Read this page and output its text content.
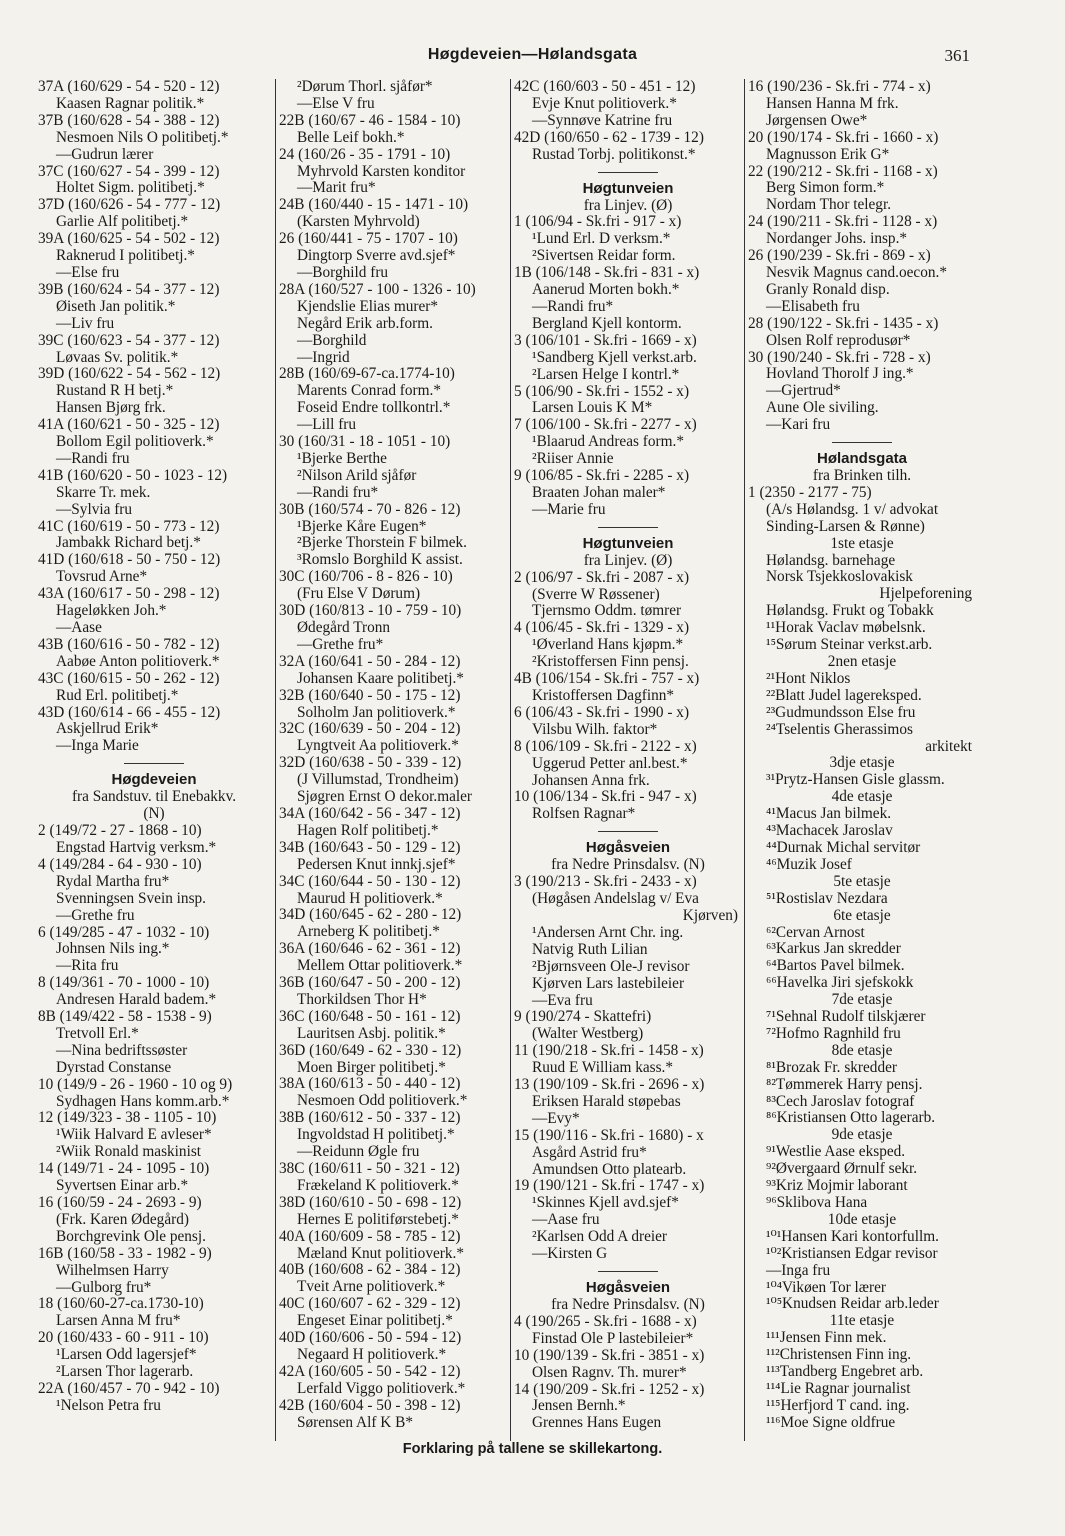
Høgdeveien—Hølandsgata	361
37A (160/629 - 54 - 520 - 12)
Kaasen Ragnar politik.*
37B (160/628 - 54 - 388 - 12)
Nesmoen Nils O politibetj.*
—Gudrun lærer
37C (160/627 - 54 - 399 - 12)
Holtet Sigm. politibetj.*
37D (160/626 - 54 - 777 - 12)
Garlie Alf politibetj.*
39A (160/625 - 54 - 502 - 12)
Raknerud I politibetj.*
—Else fru
39B (160/624 - 54 - 377 - 12)
Øiseth Jan politik.*
—Liv fru
39C (160/623 - 54 - 377 - 12)
Løvaas Sv. politik.*
39D (160/622 - 54 - 562 - 12)
Rustand R H betj.*
Hansen Bjørg frk.
41A (160/621 - 50 - 325 - 12)
Bollom Egil politioverk.*
—Randi fru
41B (160/620 - 50 - 1023 - 12)
Skarre Tr. mek.
—Sylvia fru
41C (160/619 - 50 - 773 - 12)
Jambakk Richard betj.*
41D (160/618 - 50 - 750 - 12)
Tovsrud Arne*
43A (160/617 - 50 - 298 - 12)
Hageløkken Joh.*
—Aase
43B (160/616 - 50 - 782 - 12)
Aabøe Anton politioverk.*
43C (160/615 - 50 - 262 - 12)
Rud Erl. politibetj.*
43D (160/614 - 66 - 455 - 12)
Askjellrud Erik*
—Inga Marie
Høgdeveien
fra Sandstuv. til Enebakkv.
(N)
2 (149/72 - 27 - 1868 - 10)
Engstad Hartvig verksm.*
4 (149/284 - 64 - 930 - 10)
Rydal Martha fru*
Svenningsen Svein insp.
—Grethe fru
6 (149/285 - 47 - 1032 - 10)
Johnsen Nils ing.*
—Rita fru
8 (149/361 - 70 - 1000 - 10)
Andresen Harald badem.*
8B (149/422 - 58 - 1538 - 9)
Tretvoll Erl.*
—Nina bedriftssøster
Dyrstad Constanse
10 (149/9 - 26 - 1960 - 10 og 9)
Sydhagen Hans komm.arb.*
12 (149/323 - 38 - 1105 - 10)
¹Wiik Halvard E avleser*
²Wiik Ronald maskinist
14 (149/71 - 24 - 1095 - 10)
Syvertsen Einar arb.*
16 (160/59 - 24 - 2693 - 9)
(Frk. Karen Ødegård)
Borchgrevink Ole pensj.
16B (160/58 - 33 - 1982 - 9)
Wilhelmsen Harry
—Gulborg fru*
18 (160/60-27-ca.1730-10)
Larsen Anna M fru*
20 (160/433 - 60 - 911 - 10)
¹Larsen Odd lagersjef*
²Larsen Thor lagerarb.
22A (160/457 - 70 - 942 - 10)
¹Nelson Petra fru
²Dørum Thorl. sjåfør*
—Else V fru
22B (160/67 - 46 - 1584 - 10)
Belle Leif bokh.*
24 (160/26 - 35 - 1791 - 10)
Myhrvold Karsten konditor
—Marit fru*
24B (160/440 - 15 - 1471 - 10)
(Karsten Myhrvold)
26 (160/441 - 75 - 1707 - 10)
Dingtorp Sverre avd.sjef*
—Borghild fru
28A (160/527 - 100 - 1326 - 10)
Kjendslie Elias murer*
Negård Erik arb.form.
—Borghild
—Ingrid
28B (160/69-67-ca.1774-10)
Marents Conrad form.*
Foseid Endre tollkontrl.*
—Lill fru
30 (160/31 - 18 - 1051 - 10)
¹Bjerke Berthe
²Nilson Arild sjåfør
—Randi fru*
30B (160/574 - 70 - 826 - 12)
¹Bjerke Kåre Eugen*
²Bjerke Thorstein F bilmek.
³Romslo Borghild K assist.
30C (160/706 - 8 - 826 - 10)
(Fru Else V Dørum)
30D (160/813 - 10 - 759 - 10)
Ødegård Tronn
—Grethe fru*
32A (160/641 - 50 - 284 - 12)
Johansen Kaare politibetj.*
32B (160/640 - 50 - 175 - 12)
Solholm Jan politioverk.*
32C (160/639 - 50 - 204 - 12)
Lyngtveit Aa politioverk.*
32D (160/638 - 50 - 339 - 12)
(J Villumstad, Trondheim)
Sjøgren Ernst O dekor.maler
34A (160/642 - 56 - 347 - 12)
Hagen Rolf politibetj.*
34B (160/643 - 50 - 129 - 12)
Pedersen Knut innkj.sjef*
34C (160/644 - 50 - 130 - 12)
Maurud H politioverk.*
34D (160/645 - 62 - 280 - 12)
Arneberg K politibetj.*
36A (160/646 - 62 - 361 - 12)
Mellem Ottar politioverk.*
36B (160/647 - 50 - 200 - 12)
Thorkildsen Thor H*
36C (160/648 - 50 - 161 - 12)
Lauritsen Asbj. politik.*
36D (160/649 - 62 - 330 - 12)
Moen Birger politibetj.*
38A (160/613 - 50 - 440 - 12)
Nesmoen Odd politioverk.*
38B (160/612 - 50 - 337 - 12)
Ingvoldstad H politibetj.*
—Reidunn Øgle fru
38C (160/611 - 50 - 321 - 12)
Frækeland K politioverk.*
38D (160/610 - 50 - 698 - 12)
Hernes E politiførstebetj.*
40A (160/609 - 58 - 785 - 12)
Mæland Knut politioverk.*
40B (160/608 - 62 - 384 - 12)
Tveit Arne politioverk.*
40C (160/607 - 62 - 329 - 12)
Engeset Einar politibetj.*
40D (160/606 - 50 - 594 - 12)
Negaard H politioverk.*
42A (160/605 - 50 - 542 - 12)
Lerfald Viggo politioverk.*
42B (160/604 - 50 - 398 - 12)
Sørensen Alf K B*
42C (160/603 - 50 - 451 - 12)
Evje Knut politioverk.*
—Synnøve Katrine fru
42D (160/650 - 62 - 1739 - 12)
Rustad Torbj. politikonst.*
Høgtunveien
fra Linjev. (Ø)
1 (106/94 - Sk.fri - 917 - x)
¹Lund Erl. D verksm.*
²Sivertsen Reidar form.
1B (106/148 - Sk.fri - 831 - x)
Aanerud Morten bokh.*
—Randi fru*
Bergland Kjell kontorm.
3 (106/101 - Sk.fri - 1669 - x)
¹Sandberg Kjell verkst.arb.
²Larsen Helge I kontrl.*
5 (106/90 - Sk.fri - 1552 - x)
Larsen Louis K M*
7 (106/100 - Sk.fri - 2277 - x)
¹Blaarud Andreas form.*
²Riiser Annie
9 (106/85 - Sk.fri - 2285 - x)
Braaten Johan maler*
—Marie fru
Høgtunveien
fra Linjev. (Ø)
2 (106/97 - Sk.fri - 2087 - x)
(Sverre W Røssener)
Tjernsmo Oddm. tømrer
4 (106/45 - Sk.fri - 1329 - x)
¹Øverland Hans kjøpm.*
²Kristoffersen Finn pensj.
4B (106/154 - Sk.fri - 757 - x)
Kristoffersen Dagfinn*
6 (106/43 - Sk.fri - 1990 - x)
Vilsbu Wilh. faktor*
8 (106/109 - Sk.fri - 2122 - x)
Uggerud Petter anl.best.*
Johansen Anna frk.
10 (106/134 - Sk.fri - 947 - x)
Rolfsen Ragnar*
Høgåsveien
fra Nedre Prinsdalsv. (N)
3 (190/213 - Sk.fri - 2433 - x)
(Høgåsen Andelslag v/ Eva
Kjørven)
¹Andersen Arnt Chr. ing.
Natvig Ruth Lilian
²Bjørnsveen Ole-J revisor
Kjørven Lars lastebileier
—Eva fru
9 (190/274 - Skattefri)
(Walter Westberg)
11 (190/218 - Sk.fri - 1458 - x)
Ruud E William kass.*
13 (190/109 - Sk.fri - 2696 - x)
Eriksen Harald støpebas
—Evy*
15 (190/116 - Sk.fri - 1680) - x
Asgård Astrid fru*
Amundsen Otto platearb.
19 (190/121 - Sk.fri - 1747 - x)
¹Skinnes Kjell avd.sjef*
—Aase fru
²Karlsen Odd A dreier
—Kirsten G
Høgåsveien
fra Nedre Prinsdalsv. (N)
4 (190/265 - Sk.fri - 1688 - x)
Finstad Ole P lastebileier*
10 (190/139 - Sk.fri - 3851 - x)
Olsen Ragnv. Th. murer*
14 (190/209 - Sk.fri - 1252 - x)
Jensen Bernh.*
Grennes Hans Eugen
16 (190/236 - Sk.fri - 774 - x)
Hansen Hanna M frk.
Jørgensen Owe*
20 (190/174 - Sk.fri - 1660 - x)
Magnusson Erik G*
22 (190/212 - Sk.fri - 1168 - x)
Berg Simon form.*
Nordam Thor telegr.
24 (190/211 - Sk.fri - 1128 - x)
Nordanger Johs. insp.*
26 (190/239 - Sk.fri - 869 - x)
Nesvik Magnus cand.oecon.*
Granly Ronald disp.
—Elisabeth fru
28 (190/122 - Sk.fri - 1435 - x)
Olsen Rolf reprodusør*
30 (190/240 - Sk.fri - 728 - x)
Hovland Thorolf J ing.*
—Gjertrud*
Aune Ole siviling.
—Kari fru
Hølandsgata
fra Brinken tilh.
1 (2350 - 2177 - 75)
(A/s Hølandsg. 1 v/ advokat
Sinding-Larsen & Rønne)
1ste etasje
Hølandsg. barnehage
Norsk Tsjekkoslovakisk
Hjelpeforening
Hølandsg. Frukt og Tobakk
¹¹Horak Vaclav møbelsnk.
¹⁵Sørum Steinar verkst.arb.
2nen etasje
²¹Hont Niklos
²²Blatt Judel lagereksped.
²³Gudmundsson Else fru
²⁴Tselentis Gherassimos
arkitekt
3dje etasje
³¹Prytz-Hansen Gisle glassm.
4de etasje
⁴¹Macus Jan bilmek.
⁴³Machacek Jaroslav
⁴⁴Durnak Michal servitør
⁴⁶Muzik Josef
5te etasje
⁵¹Rostislav Nezdara
6te etasje
⁶²Cervan Arnost
⁶³Karkus Jan skredder
⁶⁴Bartos Pavel bilmek.
⁶⁶Havelka Jiri sjefskokk
7de etasje
⁷¹Sehnal Rudolf tilskjærer
⁷²Hofmo Ragnhild fru
8de etasje
⁸¹Brozak Fr. skredder
⁸²Tømmerek Harry pensj.
⁸³Cech Jaroslav fotograf
⁸⁶Kristiansen Otto lagerarb.
9de etasje
⁹¹Westlie Aase eksped.
⁹²Øvergaard Ørnulf sekr.
⁹³Kriz Mojmir laborant
⁹⁶Sklibova Hana
10de etasje
¹⁰¹Hansen Kari kontorfullm.
¹⁰²Kristiansen Edgar revisor
—Inga fru
¹⁰⁴Vikøen Tor lærer
¹⁰⁵Knudsen Reidar arb.leder
11te etasje
¹¹¹Jensen Finn mek.
¹¹²Christensen Finn ing.
¹¹³Tandberg Engebret arb.
¹¹⁴Lie Ragnar journalist
¹¹⁵Herfjord T cand. ing.
¹¹⁶Moe Signe oldfrue
Forklaring på tallene se skillekartong.
